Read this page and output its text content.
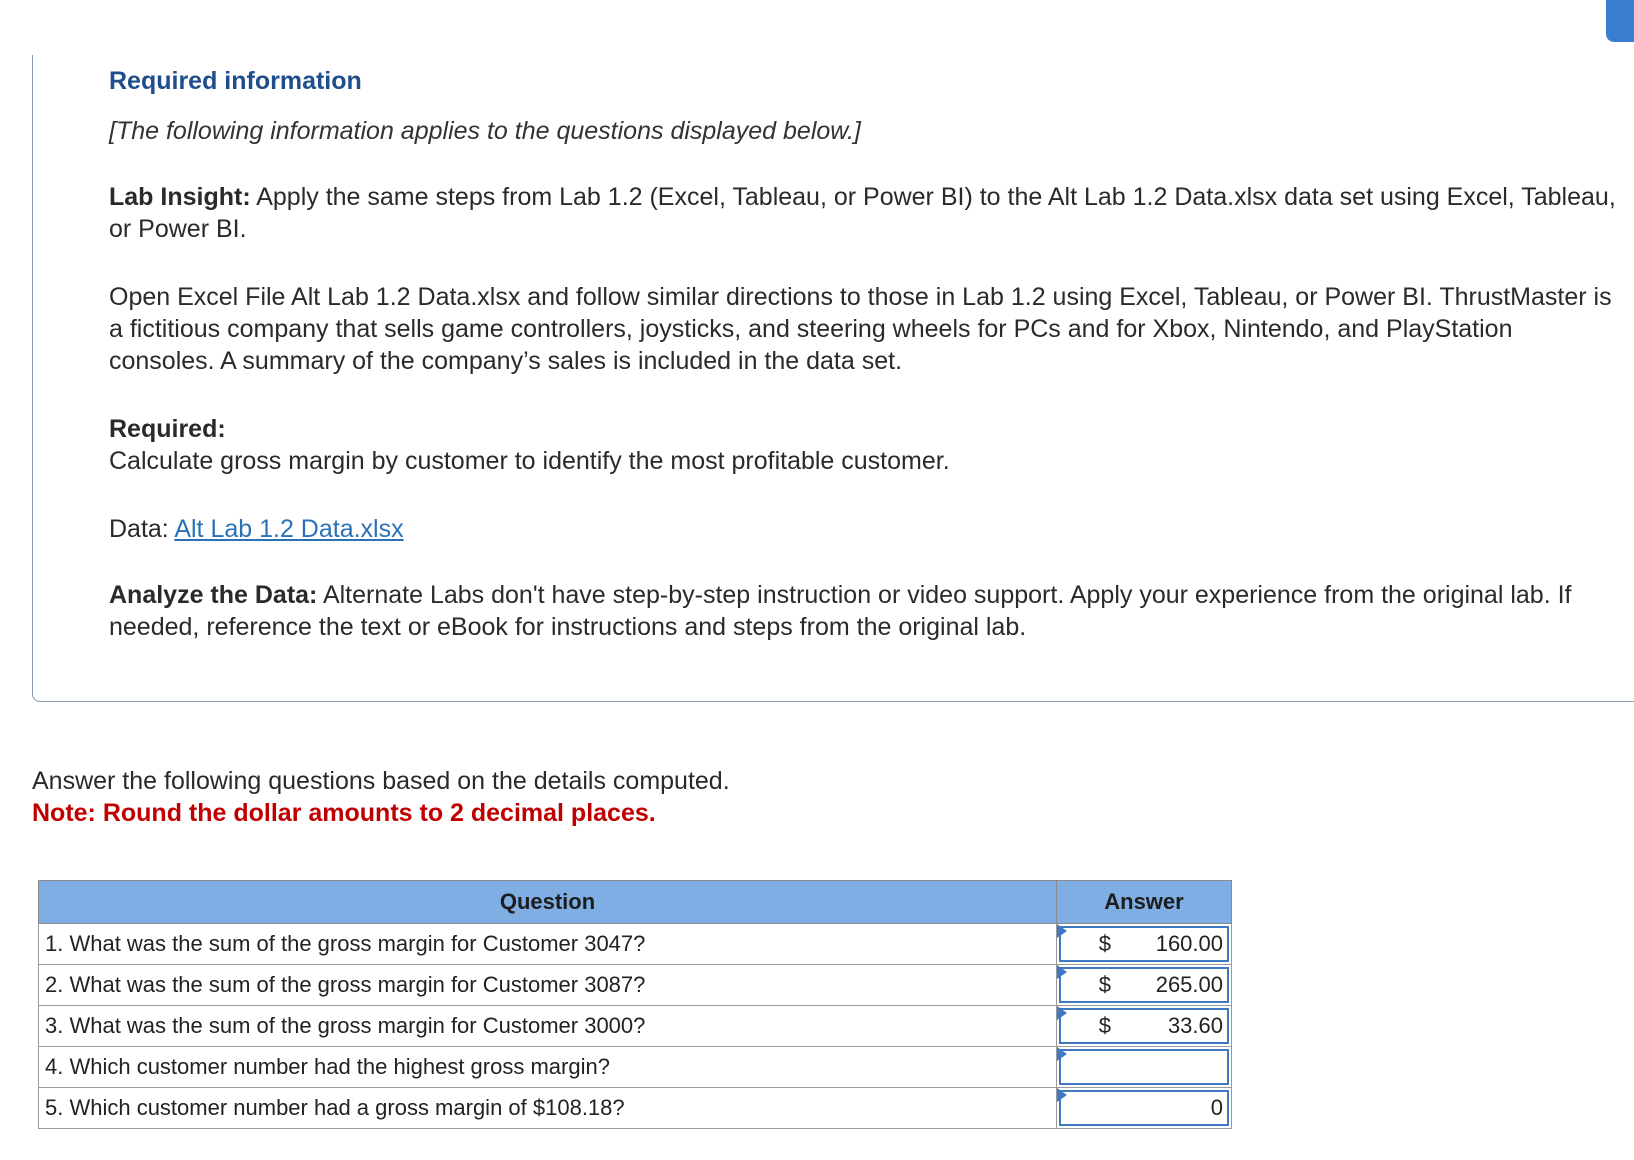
Required information

[The following information applies to the questions displayed below.]

Lab Insight: Apply the same steps from Lab 1.2 (Excel, Tableau, or Power BI) to the Alt Lab 1.2 Data.xlsx data set using Excel, Tableau, or Power BI.

Open Excel File Alt Lab 1.2 Data.xlsx and follow similar directions to those in Lab 1.2 using Excel, Tableau, or Power BI. ThrustMaster is a fictitious company that sells game controllers, joysticks, and steering wheels for PCs and for Xbox, Nintendo, and PlayStation consoles. A summary of the company’s sales is included in the data set.

Required:
Calculate gross margin by customer to identify the most profitable customer.

Data: Alt Lab 1.2 Data.xlsx

Analyze the Data: Alternate Labs don't have step-by-step instruction or video support. Apply your experience from the original lab. If needed, reference the text or eBook for instructions and steps from the original lab.

Answer the following questions based on the details computed.

Note: Round the dollar amounts to 2 decimal places.

Question	Answer
1. What was the sum of the gross margin for Customer 3047?	$ 160.00

2. What was the sum of the gross margin for Customer 3087?	$ 265.00

3. What was the sum of the gross margin for Customer 3000?	$ 33.60

4. Which customer number had the highest gross margin?	

5. Which customer number had a gross margin of $108.18?	0
